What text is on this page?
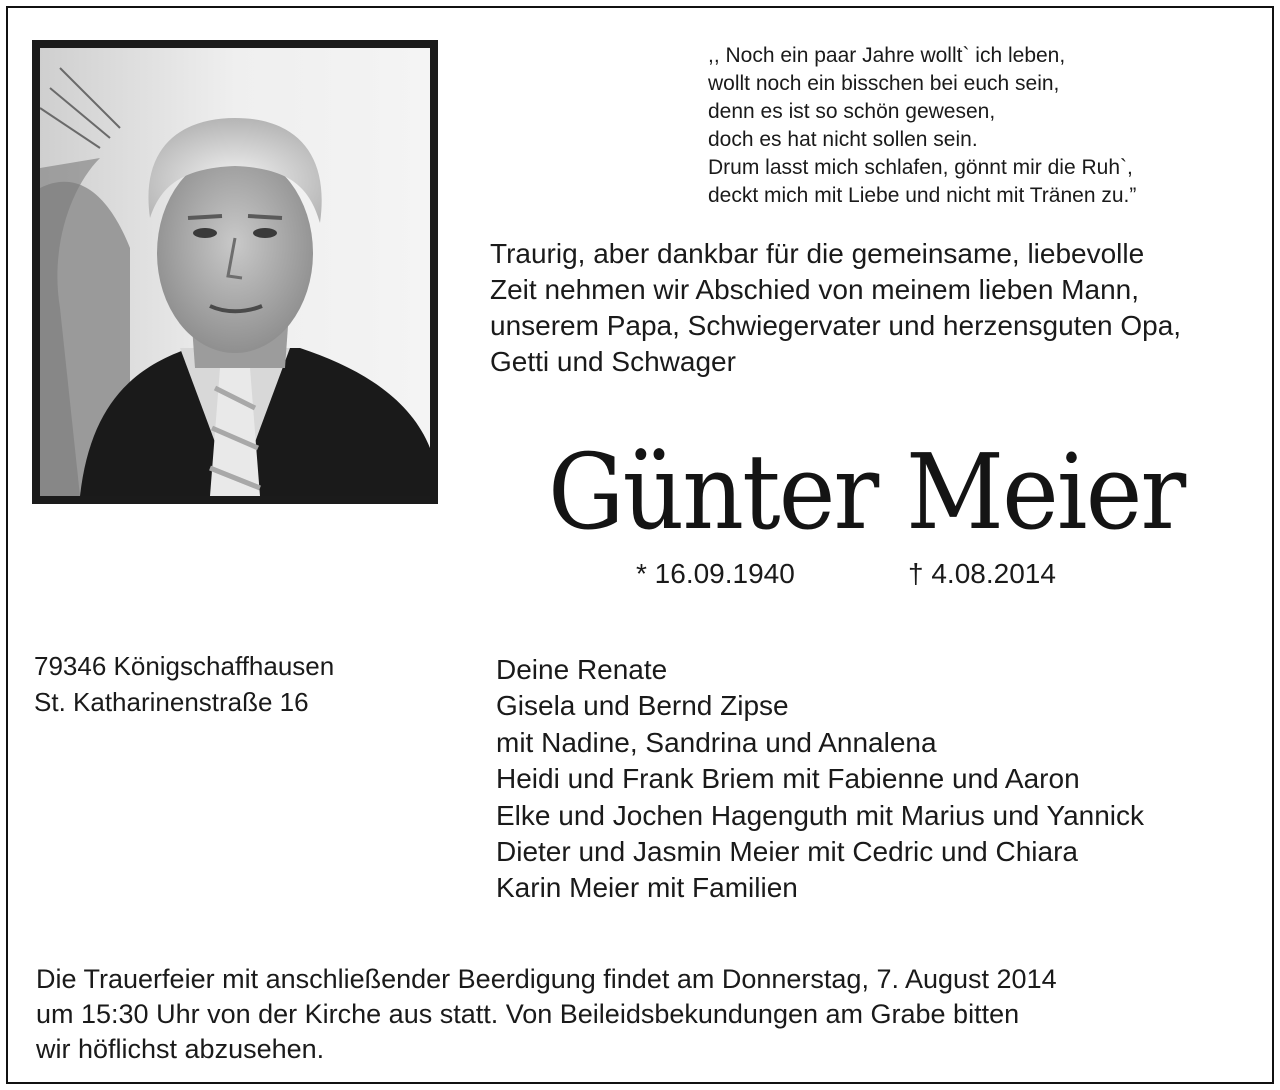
,, Noch ein paar Jahre wollt` ich leben,
wollt noch ein bisschen bei euch sein,
denn es ist so schön gewesen,
doch es hat nicht sollen sein.
Drum lasst mich schlafen, gönnt mir die Ruh`,
deckt mich mit Liebe und nicht mit Tränen zu.”
Traurig, aber dankbar für die gemeinsame, liebevolle
Zeit nehmen wir Abschied von meinem lieben Mann,
unserem Papa, Schwiegervater und herzensguten Opa,
Getti und Schwager
Günter Meier
* 16.09.1940	† 4.08.2014
79346 Königschaffhausen
St. Katharinenstraße 16
Deine Renate
Gisela und Bernd Zipse
mit Nadine, Sandrina und Annalena
Heidi und Frank Briem mit Fabienne und Aaron
Elke und Jochen Hagenguth mit Marius und Yannick
Dieter und Jasmin Meier mit Cedric und Chiara
Karin Meier mit Familien
Die Trauerfeier mit anschließender Beerdigung findet am Donnerstag, 7. August 2014
um 15:30 Uhr von der Kirche aus statt. Von Beileidsbekundungen am Grabe bitten
wir höflichst abzusehen.
